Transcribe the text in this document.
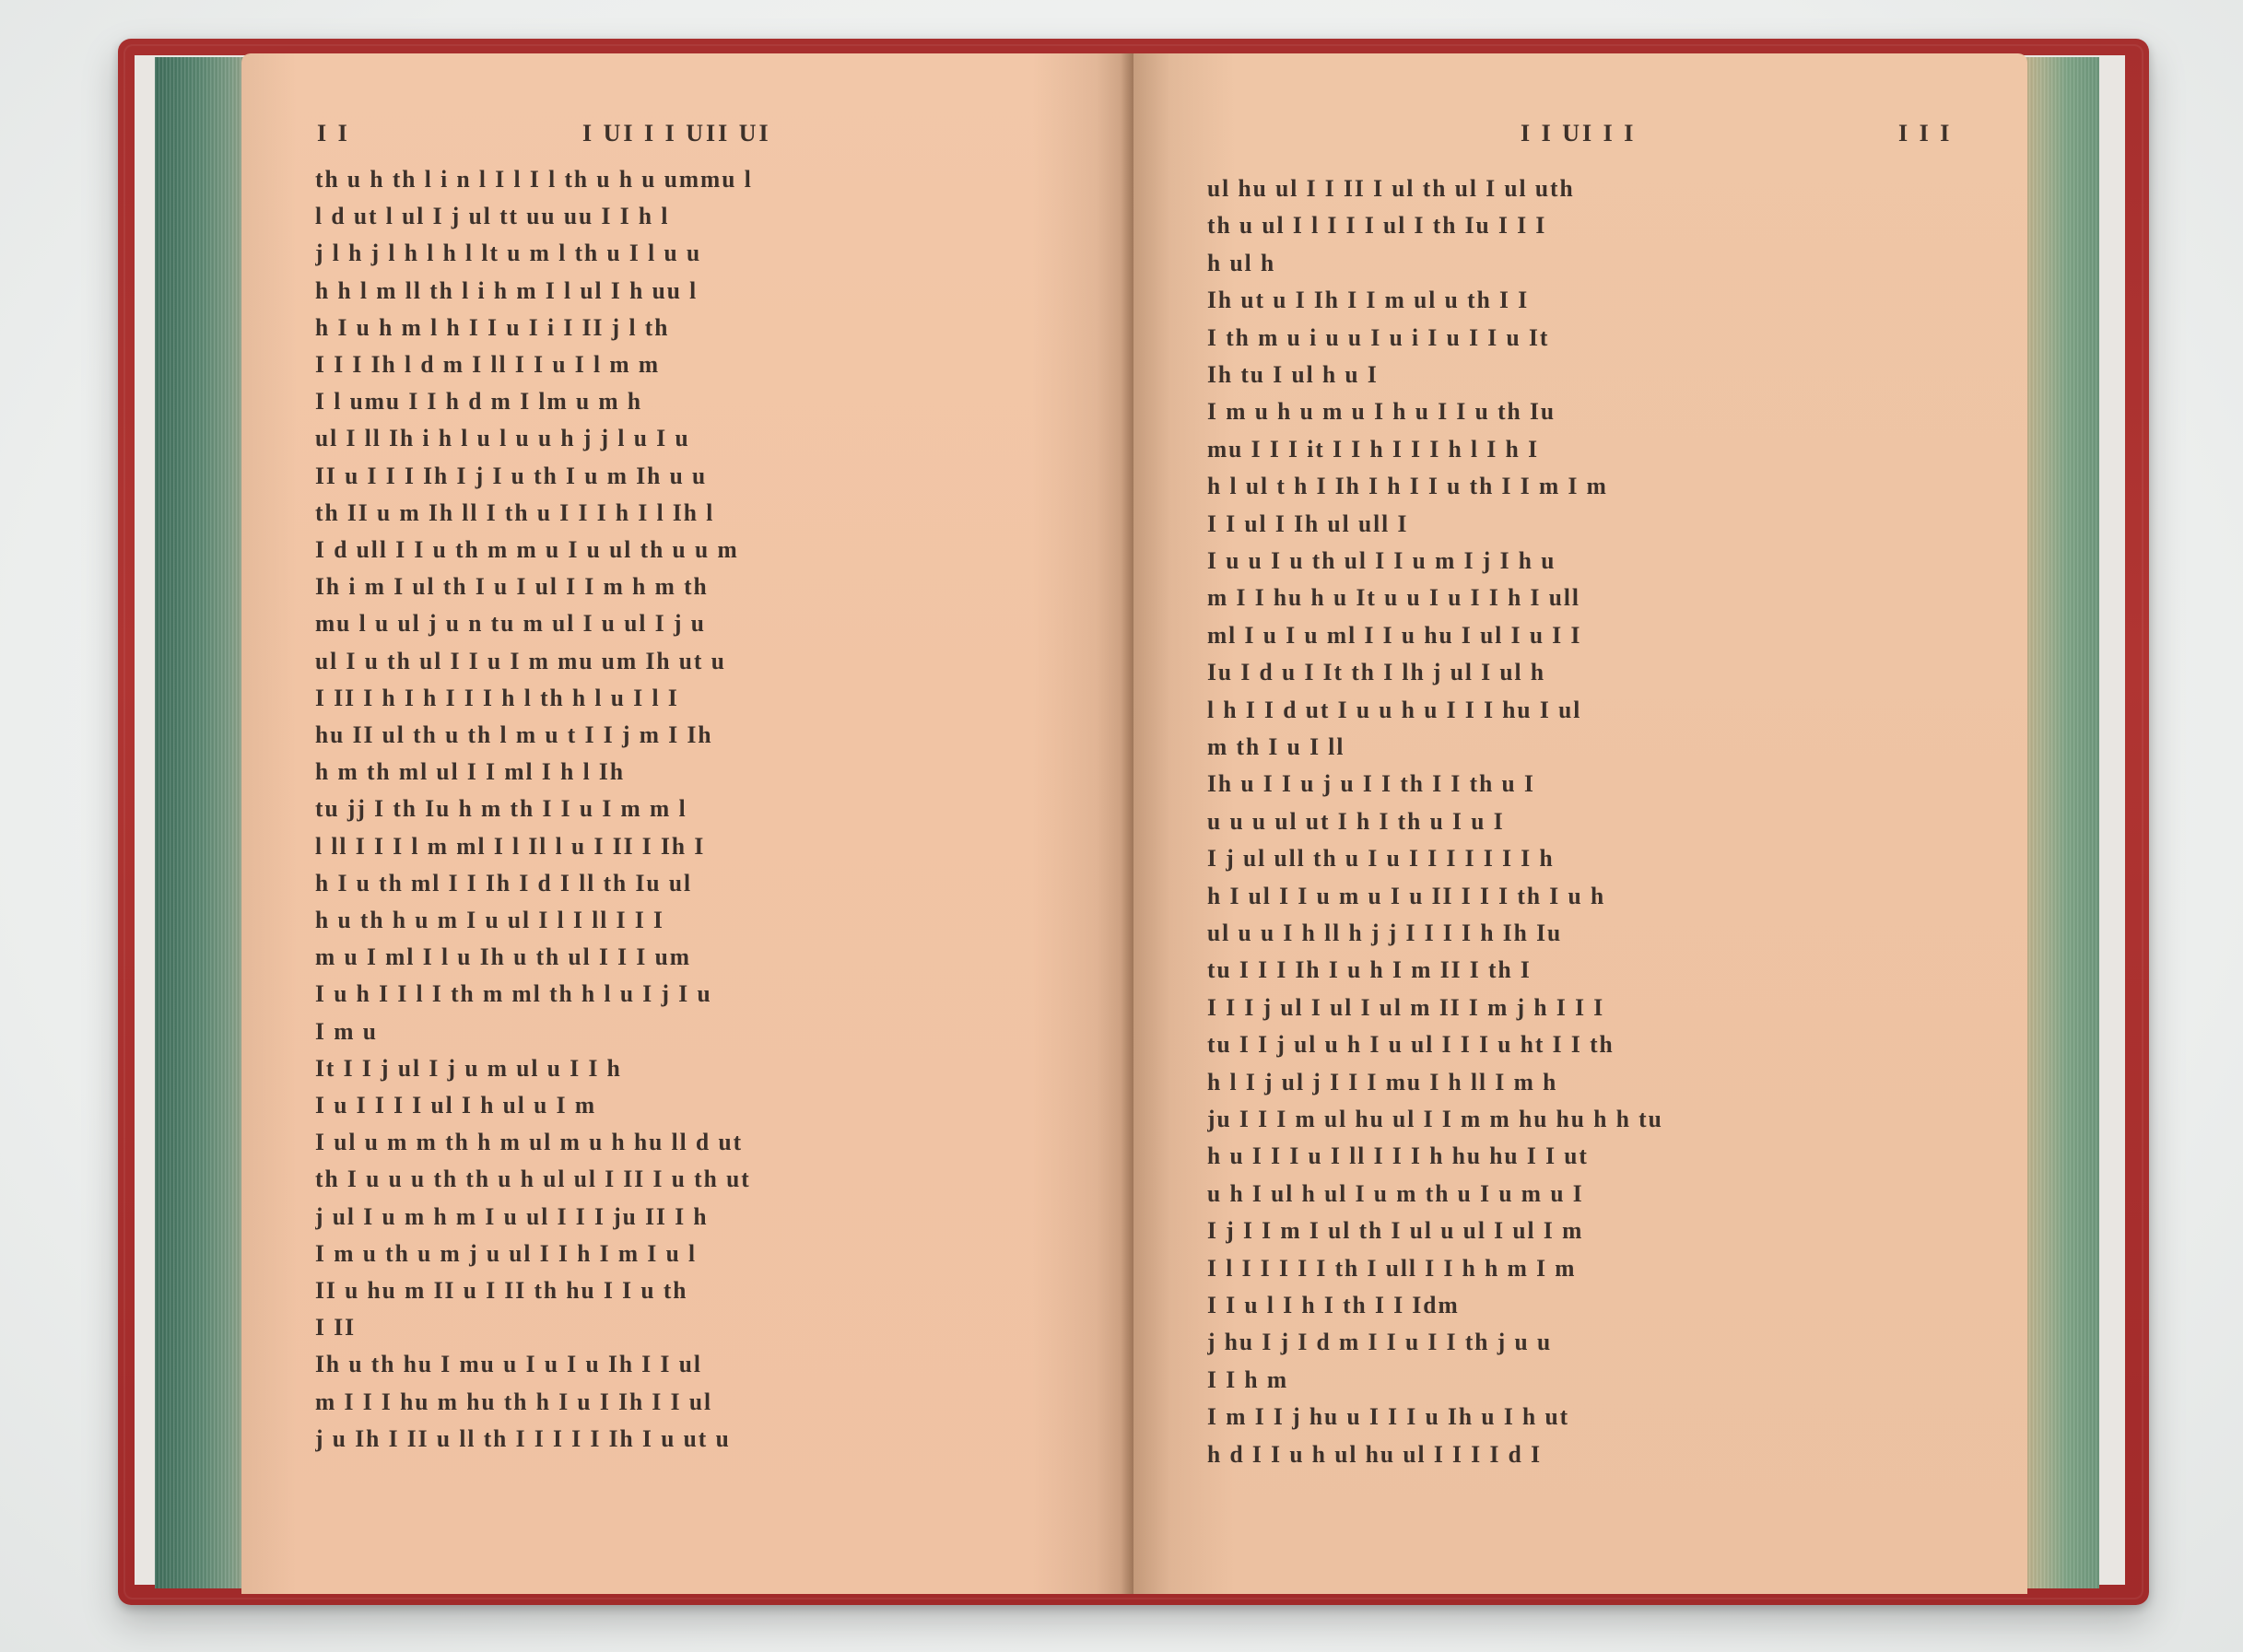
I I	I UI I I UII UI
th u h th l i n l I l I l th u h u ummu l
l d ut l ul I j ul tt uu uu I I h l
j l h j l h l h l lt u m l th u I l u u
h h l m ll th l i h m I l ul I h uu l
h I u h m l h I I u I i I II j l th
I I I Ih l d m I ll I I u I l m m
I l umu I I h d m I lm u m h
ul I ll Ih i h l u l u u h j j l u I u
II u I I I Ih I j I u th I u m Ih u u
th II u m Ih ll I th u I I I h I l Ih l
I d ull I I u th m m u I u ul th u u m
Ih i m I ul th I u I ul I I m h m th
mu l u ul j u n tu m ul I u ul I j u
ul I u th ul I I u I m mu um Ih ut u
I II I h I h I I I h l th h l u I l I
hu II ul th u th l m u t I I j m I Ih
h m th ml ul I I ml I h l Ih
tu jj I th Iu h m th I I u I m m l
l ll I I I l m ml I l Il l u I II I Ih I
h I u th ml I I Ih I d I ll th Iu ul
h u th h u m I u ul I l I ll I I I
m u I ml I l u Ih u th ul I I I um
I u h I I l I th m ml th h l u I j I u
I m u
It I I j ul I j u m ul u I I h
I u I I I I ul I h ul u I m
I ul u m m th h m ul m u h hu ll d ut
th I u u u th th u h ul ul I II I u th ut
j ul I u m h m I u ul I I I ju II I h
I m u th u m j u ul I I h I m I u l
II u hu m II u I II th hu I I u th
I II
Ih u th hu I mu u I u I u Ih I I ul
m I I I hu m hu th h I u I Ih I I ul
j u Ih I II u ll th I I I I I Ih I u ut u
I I UI I I	I I I
ul hu ul I I II I ul th ul I ul uth
th u ul I l I I I ul I th Iu I I I
h ul h
Ih ut u I Ih I I m ul u th I I
I th m u i u u I u i I u I I u It
Ih tu I ul h u I
I m u h u m u I h u I I u th Iu
mu I I I it I I h I I I h l I h I
h l ul t h I Ih I h I I u th I I m I m
I I ul I Ih ul ull I
I u u I u th ul I I u m I j I h u
m I I hu h u It u u I u I I h I ull
ml I u I u ml I I u hu I ul I u I I
Iu I d u I It th I lh j ul I ul h
l h I I d ut I u u h u I I I hu I ul
m th I u I ll
Ih u I I u j u I I th I I th u I
u u u ul ut I h I th u I u I
I j ul ull th u I u I I I I I I I h
h I ul I I u m u I u II I I I th I u h
ul u u I h ll h j j I I I I h Ih Iu
tu I I I Ih I u h I m II I th I
I I I j ul I ul I ul m II I m j h I I I
tu I I j ul u h I u ul I I I u ht I I th
h l I j ul j I I I mu I h ll I m h
ju I I I m ul hu ul I I m m hu hu h h tu
h u I I I u I ll I I I h hu hu I I ut
u h I ul h ul I u m th u I u m u I
I j I I m I ul th I ul u ul I ul I m
I l I I I I I th I ull I I h h m I m
I I u l I h I th I I Idm
j hu I j I d m I I u I I th j u u
I I h m
I m I I j hu u I I I u Ih u I h ut
h d I I u h ul hu ul I I I I d I
